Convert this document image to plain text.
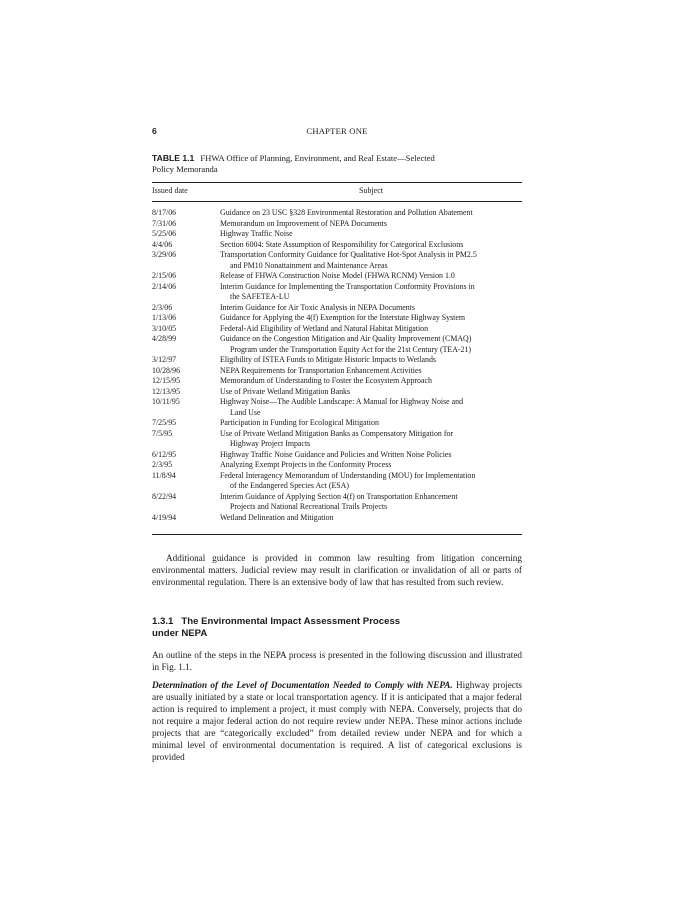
6	CHAPTER ONE
TABLE 1.1 FHWA Office of Planning, Environment, and Real Estate—Selected
Policy Memoranda
Issued date	Subject
8/17/06	Guidance on 23 USC §328 Environmental Restoration and Pollution Abatement
7/31/06	Memorandum on Improvement of NEPA Documents
5/25/06	Highway Traffic Noise
4/4/06	Section 6004: State Assumption of Responsibility for Categorical Exclusions
3/29/06	Transportation Conformity Guidance for Qualitative Hot-Spot Analysis in PM2.5
and PM10 Nonattainment and Maintenance Areas
2/15/06	Release of FHWA Construction Noise Model (FHWA RCNM) Version 1.0
2/14/06	Interim Guidance for Implementing the Transportation Conformity Provisions in
the SAFETEA-LU
2/3/06	Interim Guidance for Air Toxic Analysis in NEPA Documents
1/13/06	Guidance for Applying the 4(f) Exemption for the Interstate Highway System
3/10/05	Federal-Aid Eligibility of Wetland and Natural Habitat Mitigation
4/28/99	Guidance on the Congestion Mitigation and Air Quality Improvement (CMAQ)
Program under the Transportation Equity Act for the 21st Century (TEA-21)
3/12/97	Eligibility of ISTEA Funds to Mitigate Historic Impacts to Wetlands
10/28/96	NEPA Requirements for Transportation Enhancement Activities
12/15/95	Memorandum of Understanding to Foster the Ecosystem Approach
12/13/95	Use of Private Wetland Mitigation Banks
10/11/95	Highway Noise—The Audible Landscape: A Manual for Highway Noise and
Land Use
7/25/95	Participation in Funding for Ecological Mitigation
7/5/95	Use of Private Wetland Mitigation Banks as Compensatory Mitigation for
Highway Project Impacts
6/12/95	Highway Traffic Noise Guidance and Policies and Written Noise Policies
2/3/95	Analyzing Exempt Projects in the Conformity Process
11/8/94	Federal Interagency Memorandum of Understanding (MOU) for Implementation
of the Endangered Species Act (ESA)
8/22/94	Interim Guidance of Applying Section 4(f) on Transportation Enhancement
Projects and National Recreational Trails Projects
4/19/94	Wetland Delineation and Mitigation
Additional guidance is provided in common law resulting from litigation concerning environmental matters. Judicial review may result in clarification or invalidation of all or parts of environmental regulation. There is an extensive body of law that has resulted from such review.
1.3.1 The Environmental Impact Assessment Process
under NEPA
An outline of the steps in the NEPA process is presented in the following discussion and illustrated in Fig. 1.1.
Determination of the Level of Documentation Needed to Comply with NEPA. Highway projects are usually initiated by a state or local transportation agency. If it is anticipated that a major federal action is required to implement a project, it must comply with NEPA. Conversely, projects that do not require a major federal action do not require review under NEPA. These minor actions include projects that are “categorically excluded” from detailed review under NEPA and for which a minimal level of environmental documentation is required. A list of categorical exclusions is provided
